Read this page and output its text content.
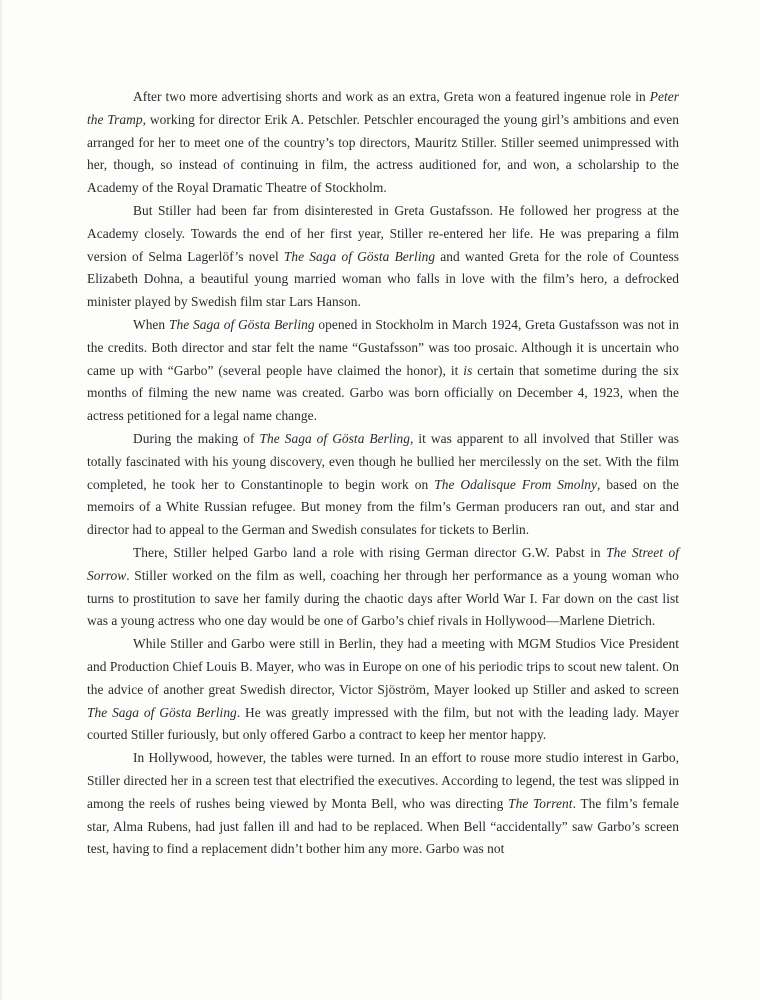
After two more advertising shorts and work as an extra, Greta won a featured ingenue role in Peter the Tramp, working for director Erik A. Petschler. Petschler encouraged the young girl’s ambitions and even arranged for her to meet one of the country’s top directors, Mauritz Stiller. Stiller seemed unimpressed with her, though, so instead of continuing in film, the actress auditioned for, and won, a scholarship to the Academy of the Royal Dramatic Theatre of Stockholm.

But Stiller had been far from disinterested in Greta Gustafsson. He followed her progress at the Academy closely. Towards the end of her first year, Stiller re-entered her life. He was preparing a film version of Selma Lagerlöf’s novel The Saga of Gösta Berling and wanted Greta for the role of Countess Elizabeth Dohna, a beautiful young married woman who falls in love with the film’s hero, a defrocked minister played by Swedish film star Lars Hanson.

When The Saga of Gösta Berling opened in Stockholm in March 1924, Greta Gustafsson was not in the credits. Both director and star felt the name “Gustafsson” was too prosaic. Although it is uncertain who came up with “Garbo” (several people have claimed the honor), it is certain that sometime during the six months of filming the new name was created. Garbo was born officially on December 4, 1923, when the actress petitioned for a legal name change.

During the making of The Saga of Gösta Berling, it was apparent to all involved that Stiller was totally fascinated with his young discovery, even though he bullied her mercilessly on the set. With the film completed, he took her to Constantinople to begin work on The Odalisque From Smolny, based on the memoirs of a White Russian refugee. But money from the film’s German producers ran out, and star and director had to appeal to the German and Swedish consulates for tickets to Berlin.

There, Stiller helped Garbo land a role with rising German director G.W. Pabst in The Street of Sorrow. Stiller worked on the film as well, coaching her through her performance as a young woman who turns to prostitution to save her family during the chaotic days after World War I. Far down on the cast list was a young actress who one day would be one of Garbo’s chief rivals in Hollywood—Marlene Dietrich.

While Stiller and Garbo were still in Berlin, they had a meeting with MGM Studios Vice President and Production Chief Louis B. Mayer, who was in Europe on one of his periodic trips to scout new talent. On the advice of another great Swedish director, Victor Sjöström, Mayer looked up Stiller and asked to screen The Saga of Gösta Berling. He was greatly impressed with the film, but not with the leading lady. Mayer courted Stiller furiously, but only offered Garbo a contract to keep her mentor happy.

In Hollywood, however, the tables were turned. In an effort to rouse more studio interest in Garbo, Stiller directed her in a screen test that electrified the executives. According to legend, the test was slipped in among the reels of rushes being viewed by Monta Bell, who was directing The Torrent. The film’s female star, Alma Rubens, had just fallen ill and had to be replaced. When Bell “accidentally” saw Garbo’s screen test, having to find a replacement didn’t bother him any more. Garbo was not
